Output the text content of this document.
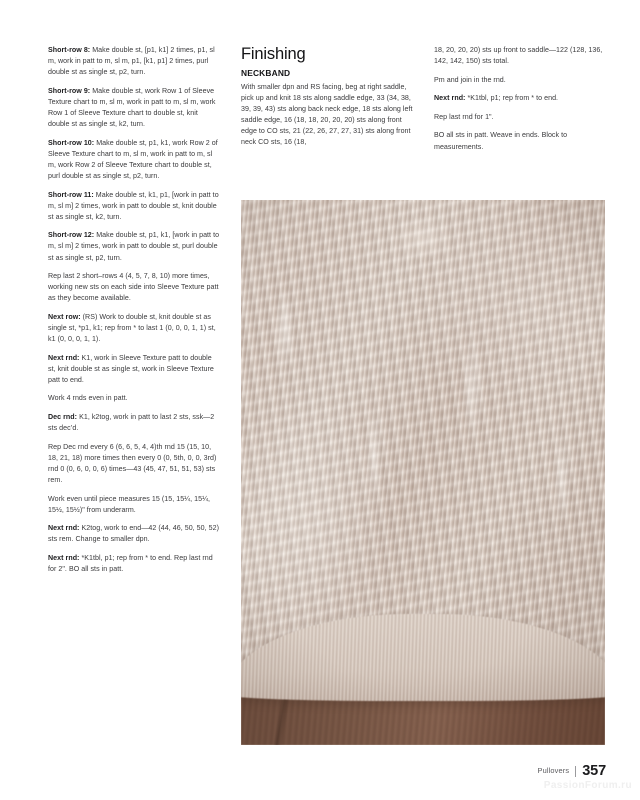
Short-row 8: Make double st, [p1, k1] 2 times, p1, sl m, work in patt to m, sl m, p1, [k1, p1] 2 times, purl double st as single st, p2, turn.

Short-row 9: Make double st, work Row 1 of Sleeve Texture chart to m, sl m, work in patt to m, sl m, work Row 1 of Sleeve Texture chart to double st, knit double st as single st, k2, turn.

Short-row 10: Make double st, p1, k1, work Row 2 of Sleeve Texture chart to m, sl m, work in patt to m, sl m, work Row 2 of Sleeve Texture chart to double st, purl double st as single st, p2, turn.

Short-row 11: Make double st, k1, p1, [work in patt to m, sl m] 2 times, work in patt to double st, knit double st as single st, k2, turn.

Short-row 12: Make double st, p1, k1, [work in patt to m, sl m] 2 times, work in patt to double st, purl double st as single st, p2, turn.

Rep last 2 short–rows 4 (4, 5, 7, 8, 10) more times, working new sts on each side into Sleeve Texture patt as they become available.

Next row: (RS) Work to double st, knit double st as single st, *p1, k1; rep from * to last 1 (0, 0, 0, 1, 1) st, k1 (0, 0, 0, 1, 1).

Next rnd: K1, work in Sleeve Texture patt to double st, knit double st as single st, work in Sleeve Texture patt to end.

Work 4 rnds even in patt.

Dec rnd: K1, k2tog, work in patt to last 2 sts, ssk—2 sts dec’d.

Rep Dec rnd every 6 (6, 6, 5, 4, 4)th rnd 15 (15, 10, 18, 21, 18) more times then every 0 (0, 5th, 0, 0, 3rd) rnd 0 (0, 6, 0, 0, 6) times—43 (45, 47, 51, 51, 53) sts rem.

Work even until piece measures 15 (15, 15¼, 15¼, 15½, 15½)" from underarm.

Next rnd: K2tog, work to end—42 (44, 46, 50, 50, 52) sts rem. Change to smaller dpn.

Next rnd: *K1tbl, p1; rep from * to end. Rep last rnd for 2". BO all sts in patt.

Finishing
NECKBAND

With smaller dpn and RS facing, beg at right saddle, pick up and knit 18 sts along saddle edge, 33 (34, 38, 39, 39, 43) sts along back neck edge, 18 sts along left saddle edge, 16 (18, 18, 20, 20, 20) sts along front edge to CO sts, 21 (22, 26, 27, 27, 31) sts along front neck CO sts, 16 (18,

18, 20, 20, 20) sts up front to saddle—122 (128, 136, 142, 142, 150) sts total.

Pm and join in the rnd.

Next rnd: *K1tbl, p1; rep from * to end.

Rep last rnd for 1".

BO all sts in patt. Weave in ends. Block to measurements.

Pullovers 357
PassionForum.ru
